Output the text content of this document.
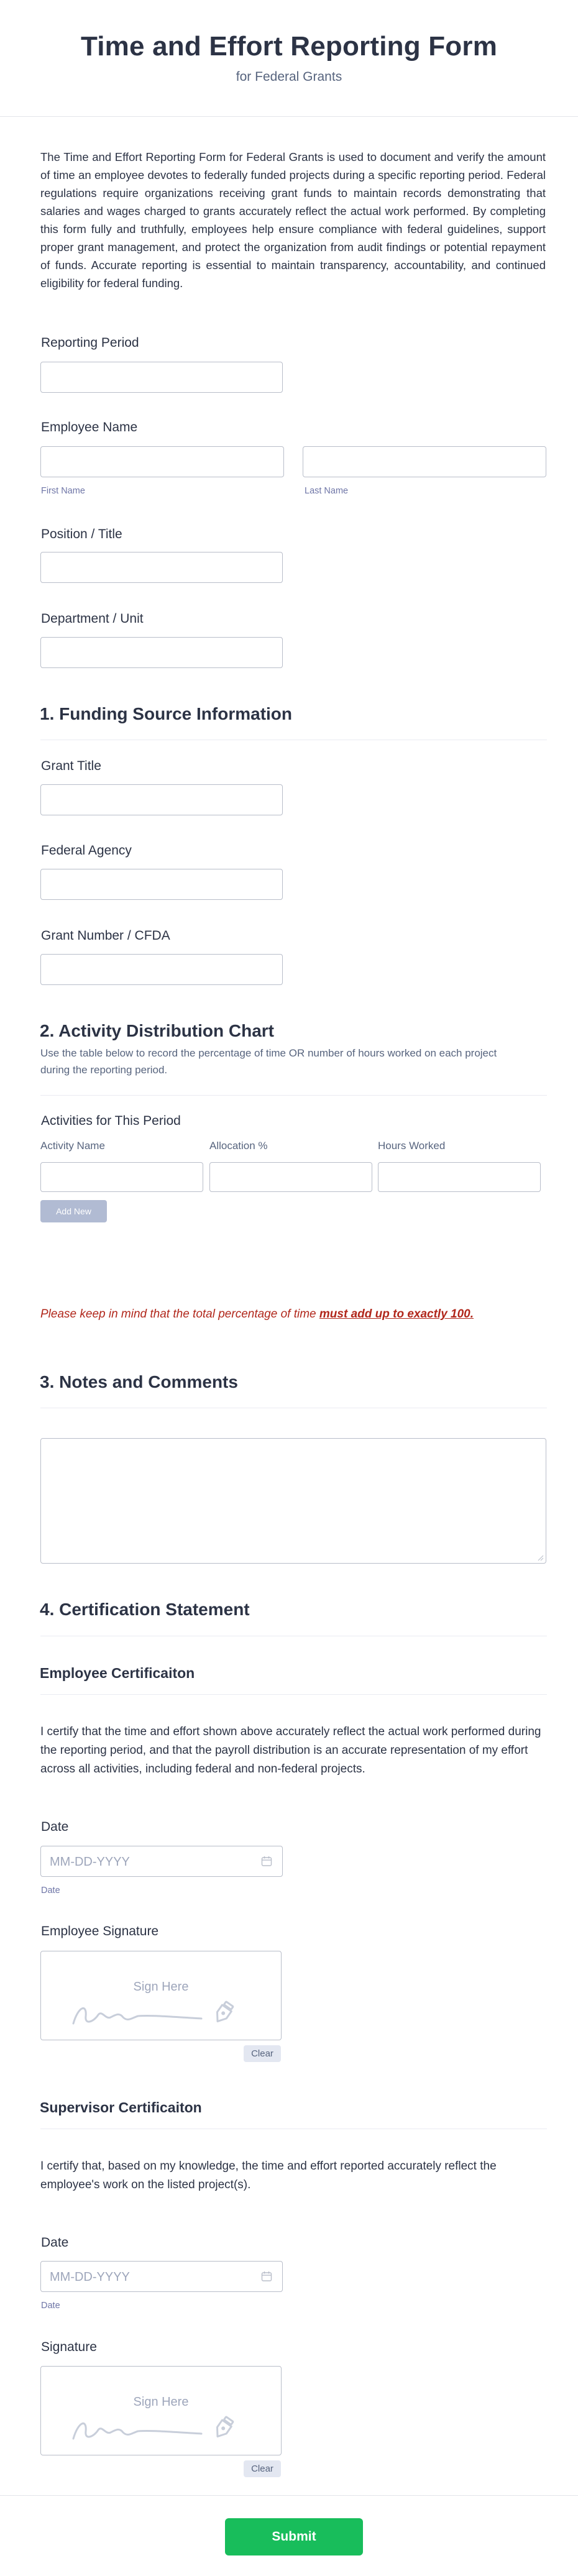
Time and Effort Reporting Form
for Federal Grants

The Time and Effort Reporting Form for Federal Grants is used to document and verify the amount of time an employee devotes to federally funded projects during a specific reporting period. Federal regulations require organizations receiving grant funds to maintain records demonstrating that salaries and wages charged to grants accurately reflect the actual work performed. By completing this form fully and truthfully, employees help ensure compliance with federal guidelines, support proper grant management, and protect the organization from audit findings or potential repayment of funds. Accurate reporting is essential to maintain transparency, accountability, and continued eligibility for federal funding.

Reporting Period
Employee Name
First Name	Last Name
Position / Title
Department / Unit
1. Funding Source Information
Grant Title
Federal Agency
Grant Number / CFDA
2. Activity Distribution Chart
Use the table below to record the percentage of time OR number of hours worked on each project during the reporting period.
Activities for This Period
Activity Name	Allocation %	Hours Worked
Add New
Please keep in mind that the total percentage of time must add up to exactly 100.
3. Notes and Comments
4. Certification Statement
Employee Certificaiton
I certify that the time and effort shown above accurately reflect the actual work performed during the reporting period, and that the payroll distribution is an accurate representation of my effort across all activities, including federal and non-federal projects.
Date
MM-DD-YYYY
Date
Employee Signature
Sign Here
Clear
Supervisor Certificaiton
I certify that, based on my knowledge, the time and effort reported accurately reflect the employee's work on the listed project(s).
Date
MM-DD-YYYY
Date
Signature
Sign Here
Clear
Submit
